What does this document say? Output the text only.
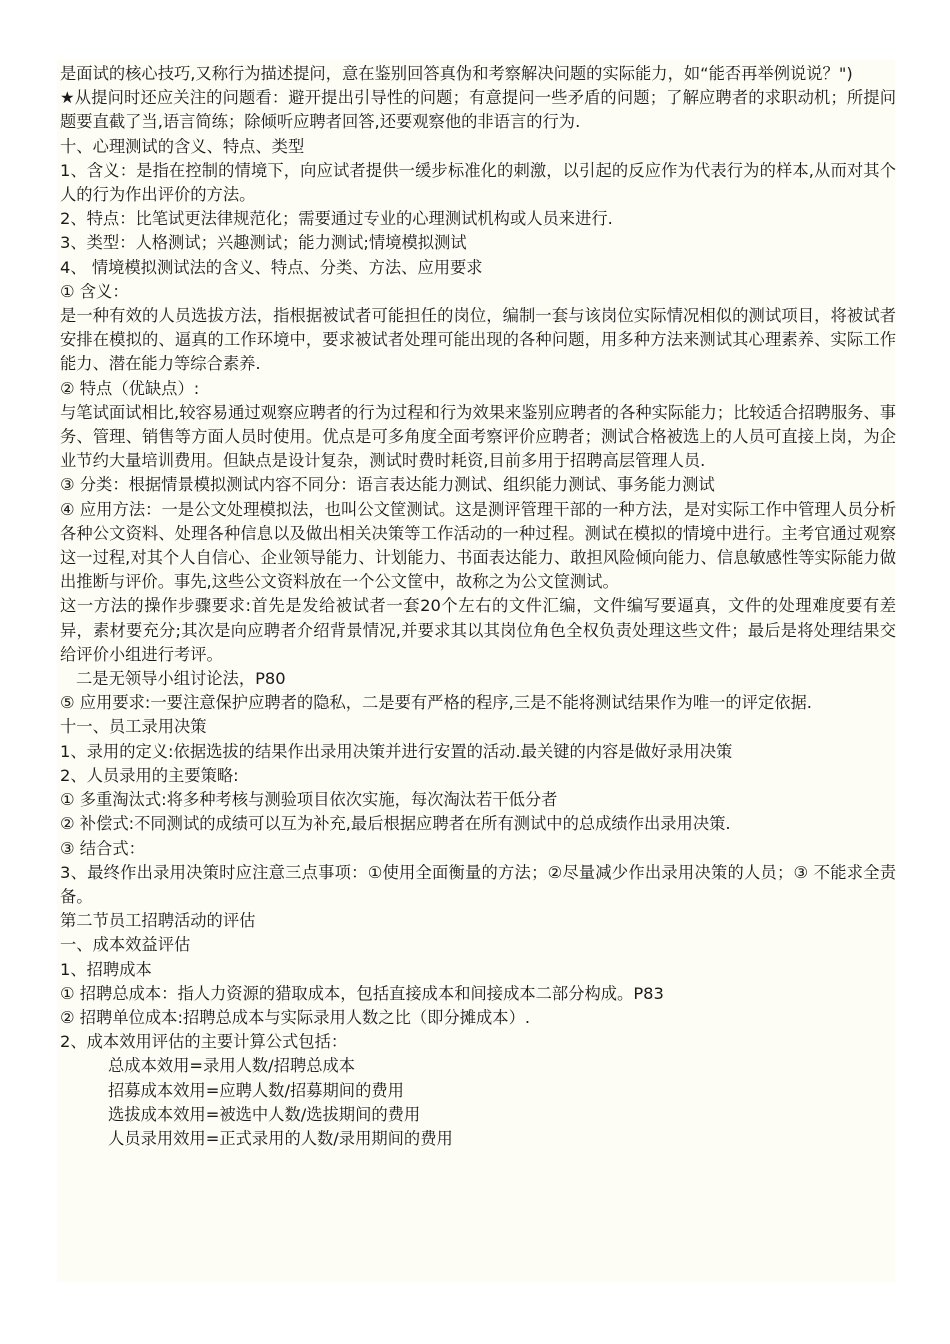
是面试的核心技巧,又称行为描述提问，意在鉴别回答真伪和考察解决问题的实际能力，如“能否再举例说说？")

★从提问时还应关注的问题看：避开提出引导性的问题；有意提问一些矛盾的问题；了解应聘者的求职动机；所提问题要直截了当,语言简练；除倾听应聘者回答,还要观察他的非语言的行为.

十、心理测试的含义、特点、类型

1、含义：是指在控制的情境下，向应试者提供一缓步标准化的刺激，以引起的反应作为代表行为的样本,从而对其个人的行为作出评价的方法。

2、特点：比笔试更法律规范化；需要通过专业的心理测试机构或人员来进行.

3、类型：人格测试；兴趣测试；能力测试;情境模拟测试

4、 情境模拟测试法的含义、特点、分类、方法、应用要求

① 含义：

是一种有效的人员选拔方法，指根据被试者可能担任的岗位，编制一套与该岗位实际情况相似的测试项目，将被试者安排在模拟的、逼真的工作环境中，要求被试者处理可能出现的各种问题，用多种方法来测试其心理素养、实际工作能力、潜在能力等综合素养.

② 特点（优缺点）:

与笔试面试相比,较容易通过观察应聘者的行为过程和行为效果来鉴别应聘者的各种实际能力；比较适合招聘服务、事务、管理、销售等方面人员时使用。优点是可多角度全面考察评价应聘者；测试合格被选上的人员可直接上岗，为企业节约大量培训费用。但缺点是设计复杂，测试时费时耗资,目前多用于招聘高层管理人员.

③ 分类：根据情景模拟测试内容不同分：语言表达能力测试、组织能力测试、事务能力测试

④ 应用方法：一是公文处理模拟法，也叫公文筐测试。这是测评管理干部的一种方法，是对实际工作中管理人员分析各种公文资料、处理各种信息以及做出相关决策等工作活动的一种过程。测试在模拟的情境中进行。主考官通过观察这一过程,对其个人自信心、企业领导能力、计划能力、书面表达能力、敢担风险倾向能力、信息敏感性等实际能力做出推断与评价。事先,这些公文资料放在一个公文筐中，故称之为公文筐测试。

这一方法的操作步骤要求:首先是发给被试者一套20个左右的文件汇编，文件编写要逼真，文件的处理难度要有差异，素材要充分;其次是向应聘者介绍背景情况,并要求其以其岗位角色全权负责处理这些文件；最后是将处理结果交给评价小组进行考评。

二是无领导小组讨论法，P80

⑤ 应用要求:一要注意保护应聘者的隐私，二是要有严格的程序,三是不能将测试结果作为唯一的评定依据.

十一、员工录用决策

1、录用的定义:依据选拔的结果作出录用决策并进行安置的活动.最关键的内容是做好录用决策

2、人员录用的主要策略:

① 多重淘汰式:将多种考核与测验项目依次实施，每次淘汰若干低分者

② 补偿式:不同测试的成绩可以互为补充,最后根据应聘者在所有测试中的总成绩作出录用决策.

③ 结合式：

3、最终作出录用决策时应注意三点事项：①使用全面衡量的方法；②尽量减少作出录用决策的人员；③ 不能求全责备。

第二节员工招聘活动的评估

一、成本效益评估

1、招聘成本

① 招聘总成本：指人力资源的猎取成本，包括直接成本和间接成本二部分构成。P83

② 招聘单位成本:招聘总成本与实际录用人数之比（即分摊成本）.

2、成本效用评估的主要计算公式包括：

总成本效用=录用人数/招聘总成本

招募成本效用=应聘人数/招募期间的费用

选拔成本效用=被选中人数/选拔期间的费用

人员录用效用=正式录用的人数/录用期间的费用
